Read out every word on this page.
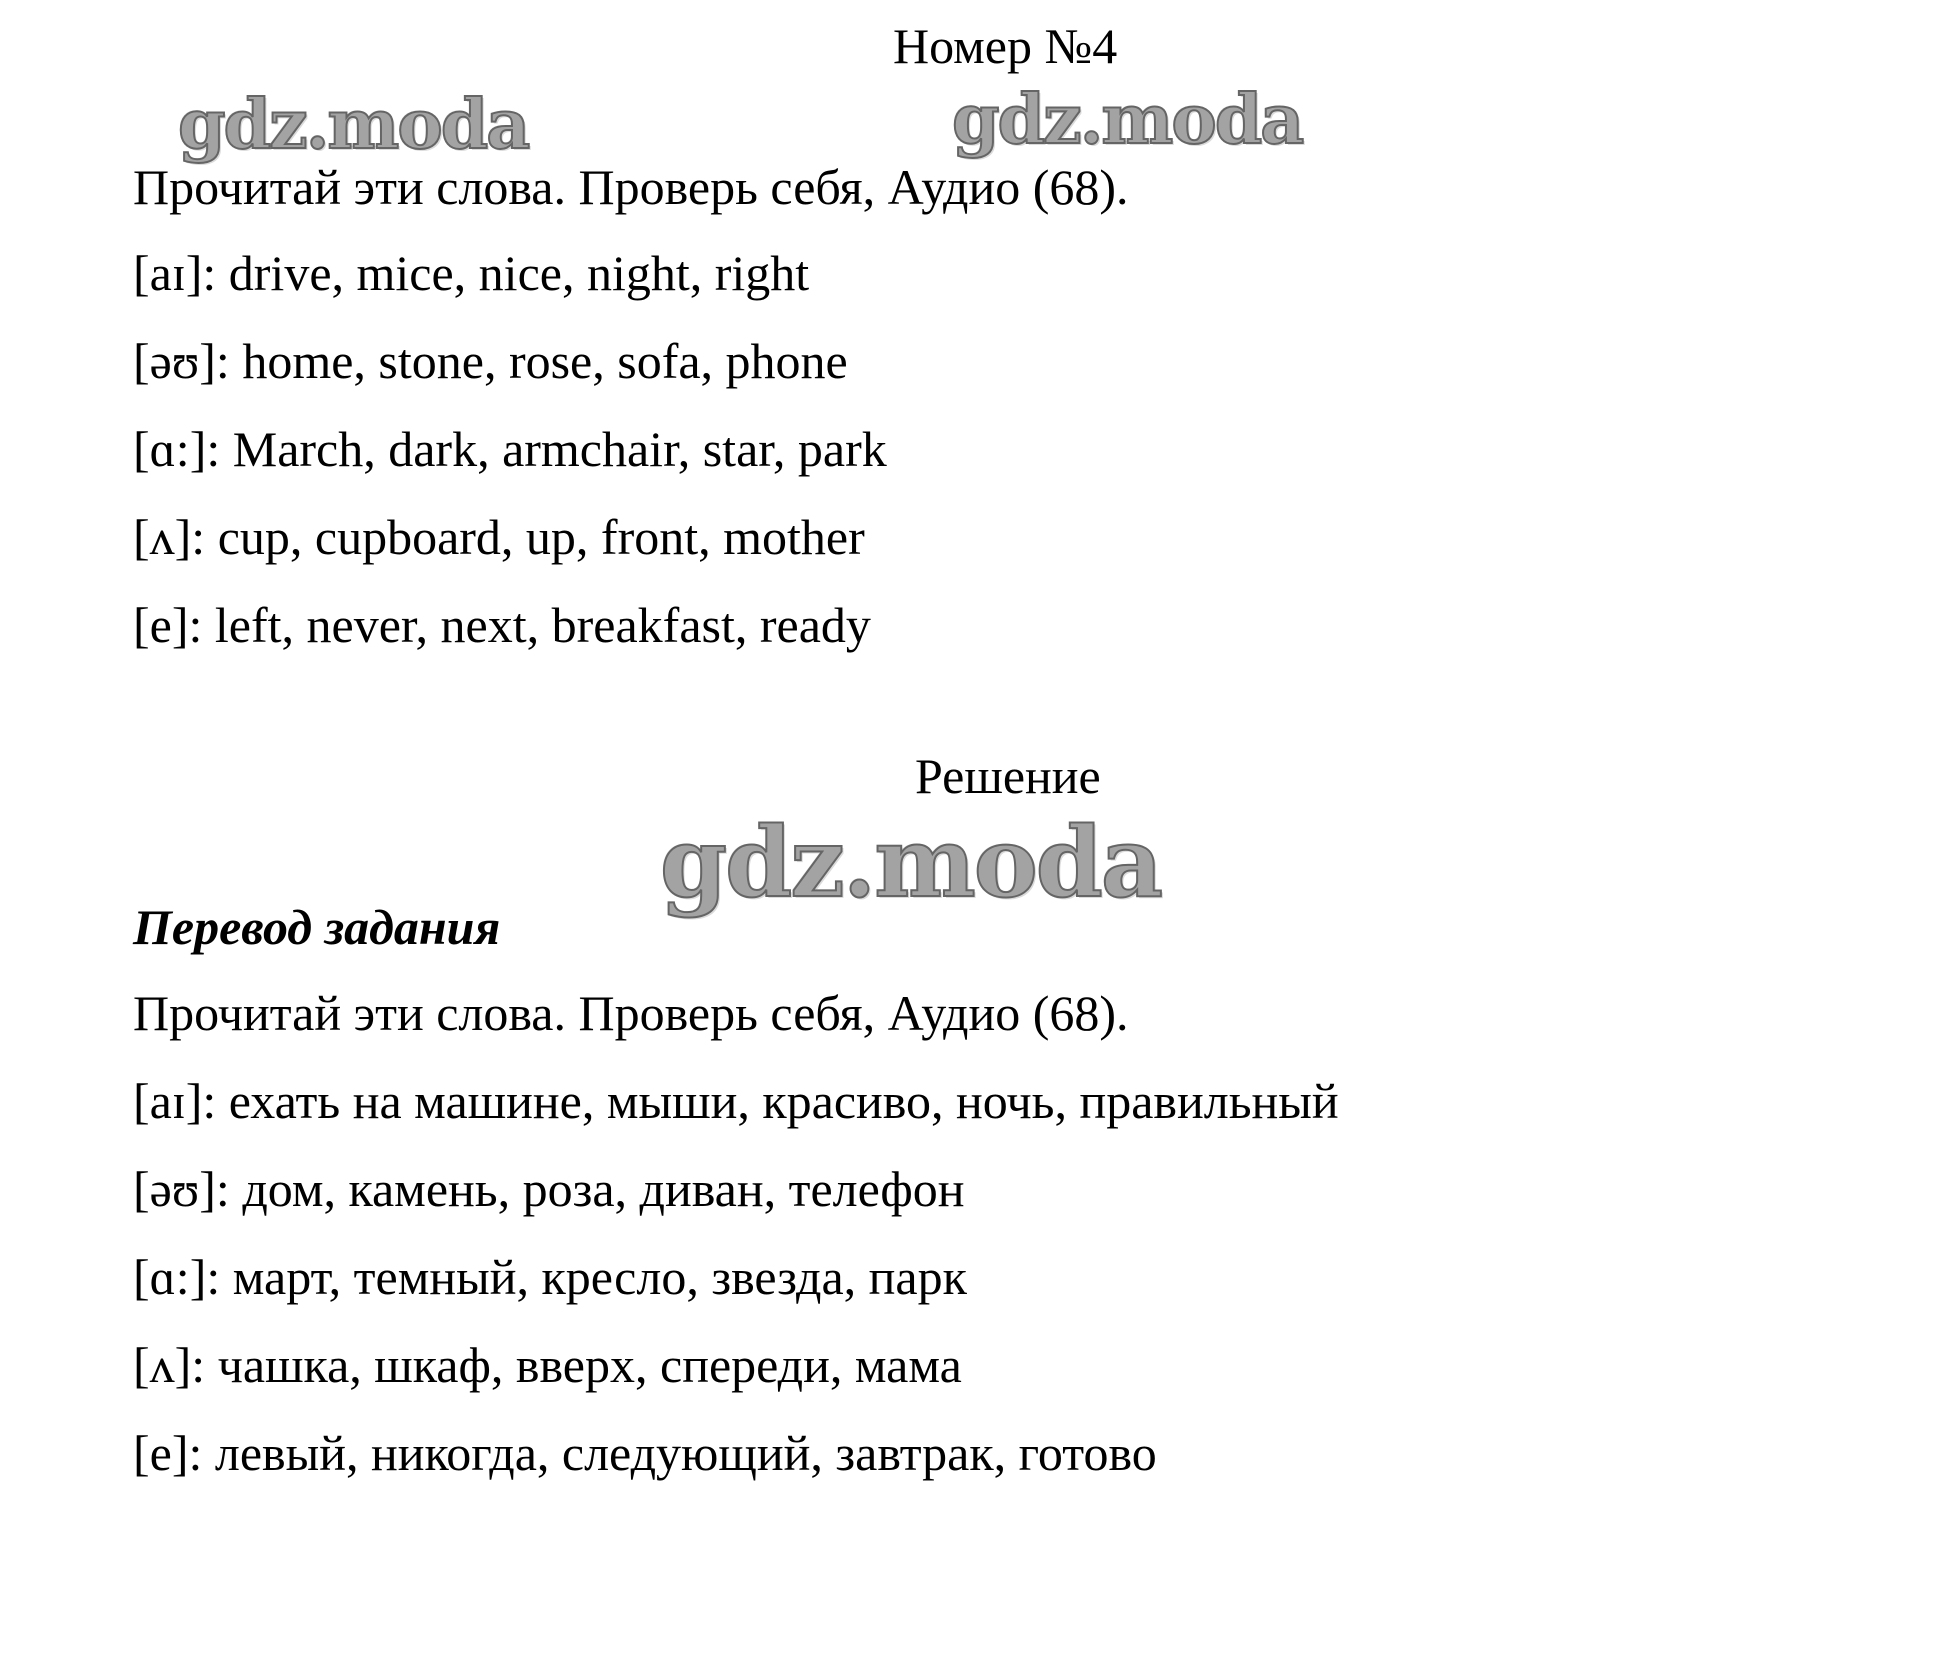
Номер №4
gdz.moda	gdz.moda
Прочитай эти слова. Проверь себя, Аудио (68).
[aɪ]: drive, mice, nice, night, right
[əʊ]: home, stone, rose, sofa, phone
[ɑ:]: March, dark, armchair, star, park
[ʌ]: cup, cupboard, up, front, mother
[e]: left, never, next, breakfast, ready
Решение
gdz.moda
Перевод задания
Прочитай эти слова. Проверь себя, Аудио (68).
[aɪ]: ехать на машине, мыши, красиво, ночь, правильный
[əʊ]: дом, камень, роза, диван, телефон
[ɑ:]: март, темный, кресло, звезда, парк
[ʌ]: чашка, шкаф, вверх, спереди, мама
[e]: левый, никогда, следующий, завтрак, готово
